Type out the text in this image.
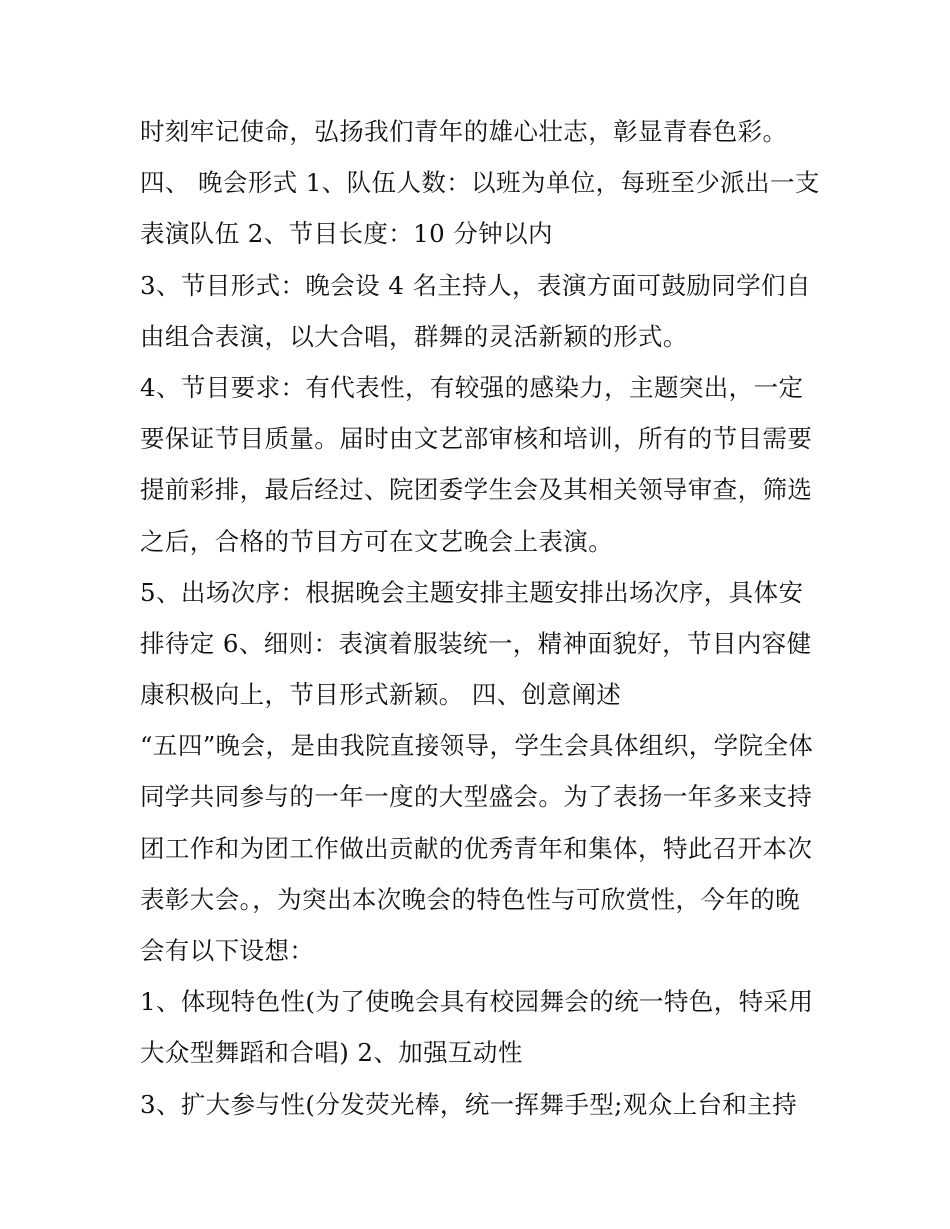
时刻牢记使命，弘扬我们青年的雄心壮志，彰显青春色彩。
四、 晚会形式 1、队伍人数：以班为单位，每班至少派出一支
表演队伍 2、节目长度：10 分钟以内
3、节目形式：晚会设 4 名主持人，表演方面可鼓励同学们自
由组合表演，以大合唱，群舞的灵活新颖的形式。
4、节目要求：有代表性，有较强的感染力，主题突出，一定
要保证节目质量。届时由文艺部审核和培训，所有的节目需要
提前彩排，最后经过、院团委学生会及其相关领导审查，筛选
之后，合格的节目方可在文艺晚会上表演。
5、出场次序：根据晚会主题安排主题安排出场次序，具体安
排待定 6、细则：表演着服装统一，精神面貌好，节目内容健
康积极向上，节目形式新颖。 四、创意阐述
“五四”晚会，是由我院直接领导，学生会具体组织，学院全体
同学共同参与的一年一度的大型盛会。为了表扬一年多来支持
团工作和为团工作做出贡献的优秀青年和集体，特此召开本次
表彰大会。，为突出本次晚会的特色性与可欣赏性，今年的晚
会有以下设想：
1、体现特色性(为了使晚会具有校园舞会的统一特色，特采用
大众型舞蹈和合唱) 2、加强互动性
3、扩大参与性(分发荧光棒，统一挥舞手型;观众上台和主持
